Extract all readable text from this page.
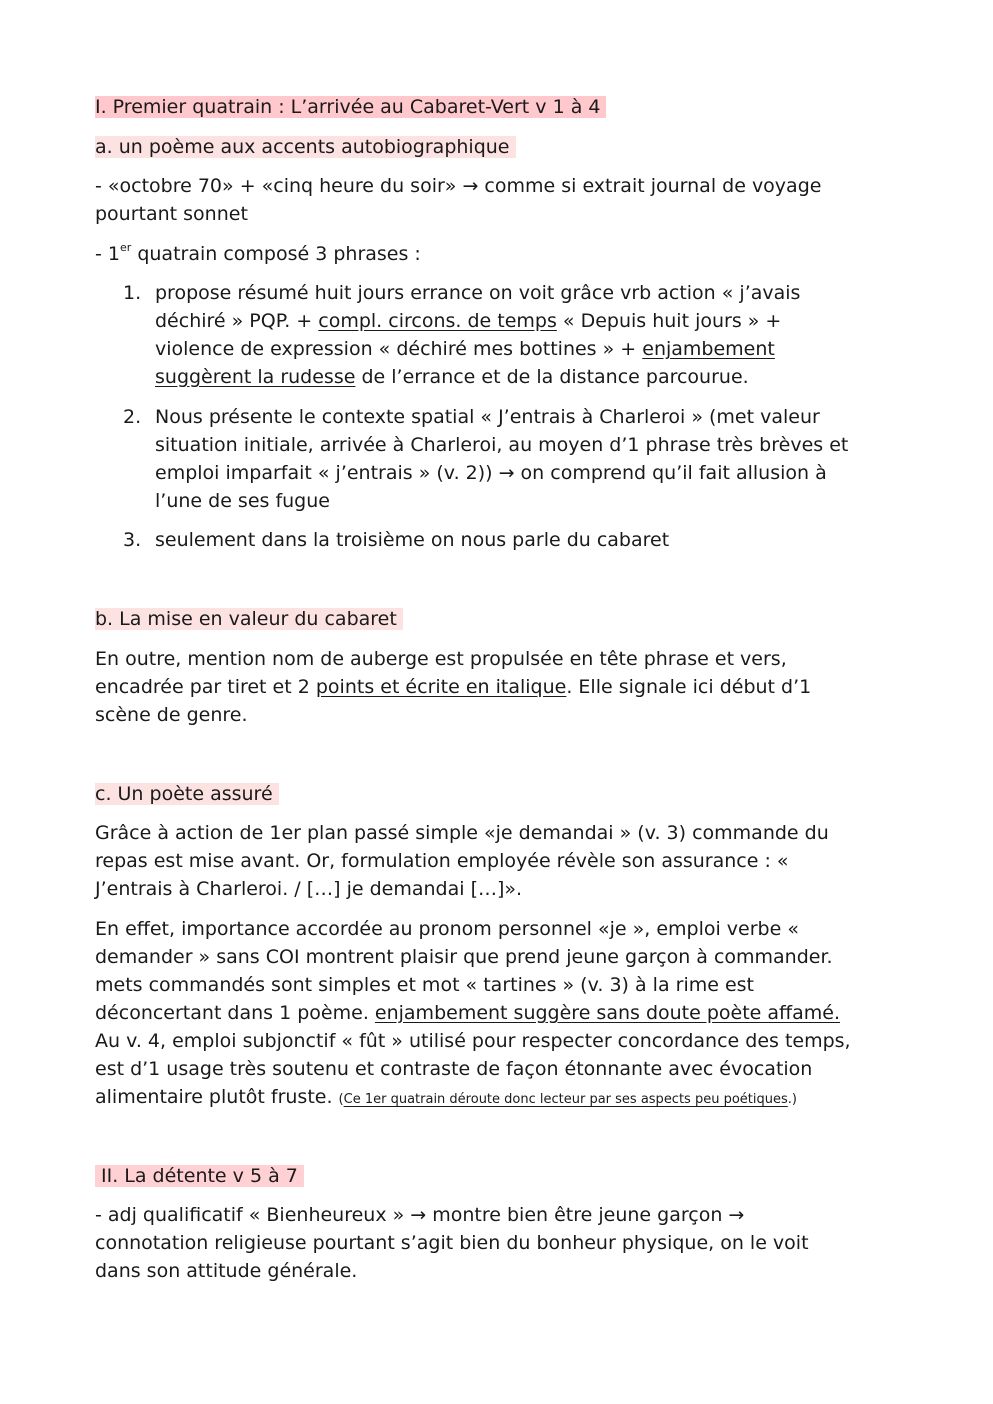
I. Premier quatrain : L’arrivée au Cabaret-Vert v 1 à 4
a. un poème aux accents autobiographique
- «octobre 70» + «cinq heure du soir» → comme si extrait journal de voyage
pourtant sonnet
- 1er quatrain composé 3 phrases :
1. propose résumé huit jours errance on voit grâce vrb action « j’avais
déchiré » PQP. + compl. circons. de temps « Depuis huit jours » +
violence de expression « déchiré mes bottines » + enjambement
suggèrent la rudesse de l’errance et de la distance parcourue.
2. Nous présente le contexte spatial « J’entrais à Charleroi » (met valeur
situation initiale, arrivée à Charleroi, au moyen d’1 phrase très brèves et
emploi imparfait « j’entrais » (v. 2)) → on comprend qu’il fait allusion à
l’une de ses fugue
3. seulement dans la troisième on nous parle du cabaret
b. La mise en valeur du cabaret
En outre, mention nom de auberge est propulsée en tête phrase et vers,
encadrée par tiret et 2 points et écrite en italique. Elle signale ici début d’1
scène de genre.
c. Un poète assuré
Grâce à action de 1er plan passé simple «je demandai » (v. 3) commande du
repas est mise avant. Or, formulation employée révèle son assurance : «
J’entrais à Charleroi. / […] je demandai […]».
En effet, importance accordée au pronom personnel «je », emploi verbe «
demander » sans COI montrent plaisir que prend jeune garçon à commander.
mets commandés sont simples et mot « tartines » (v. 3) à la rime est
déconcertant dans 1 poème. enjambement suggère sans doute poète affamé.
Au v. 4, emploi subjonctif « fût » utilisé pour respecter concordance des temps,
est d’1 usage très soutenu et contraste de façon étonnante avec évocation
alimentaire plutôt fruste. (Ce 1er quatrain déroute donc lecteur par ses aspects peu poétiques.)
II. La détente v 5 à 7
- adj qualificatif « Bienheureux » → montre bien être jeune garçon →
connotation religieuse pourtant s’agit bien du bonheur physique, on le voit
dans son attitude générale.
